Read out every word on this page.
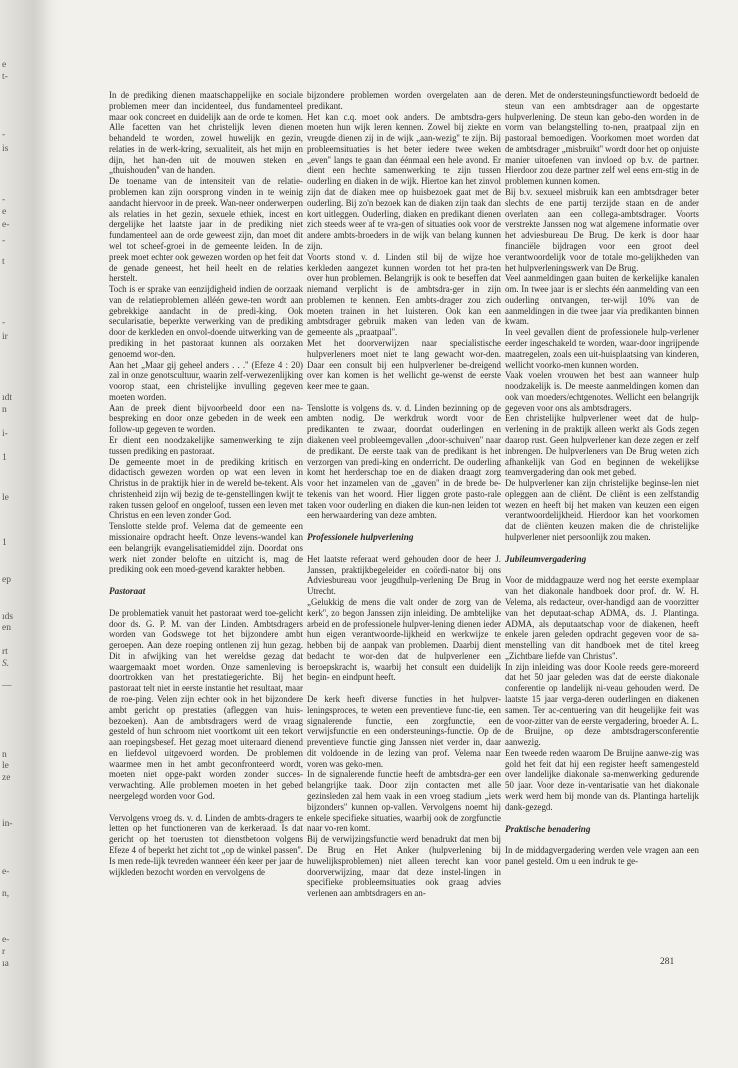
e
t-
-
is
-
e
e-
-
t
-
ir
ıdt
n
i-
1
le
1
ep
ıds
en
rt
S.
—
n
le
ze
in-
e-
n,
e-
r
ıa

In de prediking dienen maatschappelijke en sociale problemen meer dan incidenteel, dus fundamenteel maar ook concreet en duidelijk aan de orde te komen. Alle facetten van het christelijk leven dienen behandeld te worden, zowel huwelijk en gezin, relaties in de werk-kring, sexualiteit, als het mijn en dijn, het han-den uit de mouwen steken en „thuishouden'' van de handen.

De toename van de intensiteit van de relatie-problemen kan zijn oorsprong vinden in te weinig aandacht hiervoor in de preek. Wan-neer onderwerpen als relaties in het gezin, sexuele ethiek, incest en dergelijke het laatste jaar in de prediking niet fundamenteel aan de orde geweest zijn, dan moet dit wel tot scheef-groei in de gemeente leiden. In de preek moet echter ook gewezen worden op het feit dat de genade geneest, het heil heelt en de relaties herstelt.

Toch is er sprake van eenzijdigheid indien de oorzaak van de relatieproblemen alléén gewe-ten wordt aan gebrekkige aandacht in de predi-king. Ook secularisatie, beperkte verwerking van de prediking door de kerkleden en onvol-doende uitwerking van de prediking in het pastoraat kunnen als oorzaken genoemd wor-den.

Aan het „Maar gij geheel anders . . .'' (Efeze 4 : 20) zal in onze genotscultuur, waarin zelf-verwezenlijking voorop staat, een christelijke invulling gegeven moeten worden.

Aan de preek dient bijvoorbeeld door een na-bespreking en door onze gebeden in de week een follow-up gegeven te worden.

Er dient een noodzakelijke samenwerking te zijn tussen prediking en pastoraat.

De gemeente moet in de prediking kritisch en didactisch gewezen worden op wat een leven in Christus in de praktijk hier in de wereld be-tekent. Als christenheid zijn wij bezig de te-genstellingen kwijt te raken tussen geloof en ongeloof, tussen een leven met Christus en een leven zonder God.

Tenslotte stelde prof. Velema dat de gemeente een missionaire opdracht heeft. Onze levens-wandel kan een belangrijk evangelisatiemiddel zijn. Doordat ons werk niet zonder belofte en uitzicht is, mag de prediking ook een moed-gevend karakter hebben.

Pastoraat

De problematiek vanuit het pastoraat werd toe-gelicht door ds. G. P. M. van der Linden. Ambtsdragers worden van Godswege tot het bijzondere ambt geroepen. Aan deze roeping ontlenen zij hun gezag. Dit in afwijking van het wereldse gezag dat waargemaakt moet worden. Onze samenleving is doortrokken van het prestatiegerichte. Bij het pastoraat telt niet in eerste instantie het resultaat, maar de roe-ping. Velen zijn echter ook in het bijzondere ambt gericht op prestaties (afleggen van huis-bezoeken). Aan de ambtsdragers werd de vraag gesteld of hun schroom niet voortkomt uit een tekort aan roepingsbesef. Het gezag moet uiteraard dienend en liefdevol uitgevoerd worden. De problemen waarmee men in het ambt geconfronteerd wordt, moeten niet opge-pakt worden zonder succes-verwachting. Alle problemen moeten in het gebed neergelegd worden voor God.

Vervolgens vroeg ds. v. d. Linden de ambts-dragers te letten op het functioneren van de kerkeraad. Is dat gericht op het toerusten tot dienstbetoon volgens Efeze 4 of beperkt het zicht tot „op de winkel passen''. Is men rede-lijk tevreden wanneer één keer per jaar de wijkleden bezocht worden en vervolgens de

bijzondere problemen worden overgelaten aan de predikant.

Het kan c.q. moet ook anders. De ambtsdra-gers moeten hun wijk leren kennen. Zowel bij ziekte en vreugde dienen zij in de wijk „aan-wezig'' te zijn. Bij probleemsituaties is het beter iedere twee weken „even'' langs te gaan dan éénmaal een hele avond. Er dient een hechte samenwerking te zijn tussen ouderling en diaken in de wijk. Hiertoe kan het zinvol zijn dat de diaken mee op huisbezoek gaat met de ouderling. Bij zo'n bezoek kan de diaken zijn taak dan kort uitleggen. Ouderling, diaken en predikant dienen zich steeds weer af te vra-gen of situaties ook voor de andere ambts-broeders in de wijk van belang kunnen zijn.

Voorts stond v. d. Linden stil bij de wijze hoe kerkleden aangezet kunnen worden tot het pra-ten over hun problemen. Belangrijk is ook te beseffen dat niemand verplicht is de ambtsdra-ger in zijn problemen te kennen. Een ambts-drager zou zich moeten trainen in het luisteren. Ook kan een ambtsdrager gebruik maken van leden van de gemeente als „praatpaal''.

Met het doorverwijzen naar specialistische hulpverleners moet niet te lang gewacht wor-den. Daar een consult bij een hulpverlener be-dreigend over kan komen is het wellicht ge-wenst de eerste keer mee te gaan.

Tenslotte is volgens ds. v. d. Linden bezinning op de ambten nodig. De werkdruk wordt voor de predikanten te zwaar, doordat ouderlingen en diakenen veel probleemgevallen „door-schuiven'' naar de predikant. De eerste taak van de predikant is het verzorgen van predi-king en onderricht. De ouderling komt het herderschap toe en de diaken draagt zorg voor het inzamelen van de „gaven'' in de brede be-tekenis van het woord. Hier liggen grote pasto-rale taken voor ouderling en diaken die kun-nen leiden tot een herwaardering van deze ambten.

Professionele hulpverlening

Het laatste referaat werd gehouden door de heer J. Janssen, praktijkbegeleider en coördi-nator bij ons Adviesbureau voor jeugdhulp-verlening De Brug in Utrecht.

„Gelukkig de mens die valt onder de zorg van de kerk'', zo begon Janssen zijn inleiding. De ambtelijke arbeid en de professionele hulpver-lening dienen ieder hun eigen verantwoorde-lijkheid en werkwijze te hebben bij de aanpak van problemen. Daarbij dient bedacht te wor-den dat de hulpverlener een beroepskracht is, waarbij het consult een duidelijk begin- en eindpunt heeft.

De kerk heeft diverse functies in het hulpver-leningsproces, te weten een preventieve func-tie, een signalerende functie, een zorgfunctie, een verwijsfunctie en een ondersteunings-functie. Op de preventieve functie ging Janssen niet verder in, daar dit voldoende in de lezing van prof. Velema naar voren was geko-men.

In de signalerende functie heeft de ambtsdra-ger een belangrijke taak. Door zijn contacten met alle gezinsleden zal hem vaak in een vroeg stadium „iets bijzonders'' kunnen op-vallen. Vervolgens noemt hij enkele specifieke situaties, waarbij ook de zorgfunctie naar vo-ren komt.

Bij de verwijzingsfunctie werd benadrukt dat men bij De Brug en Het Anker (hulpverlening bij huwelijksproblemen) niet alleen terecht kan voor doorverwijzing, maar dat deze instel-lingen in specifieke probleemsituaties ook graag advies verlenen aan ambtsdragers en an-

deren. Met de ondersteuningsfunctiewordt bedoeld de steun van een ambtsdrager aan de opgestarte hulpverlening. De steun kan gebo-den worden in de vorm van belangstelling to-nen, praatpaal zijn en pastoraal bemoedigen. Voorkomen moet worden dat de ambtsdrager „misbruikt'' wordt door het op onjuiste manier uitoefenen van invloed op b.v. de partner. Hierdoor zou deze partner zelf wel eens ern-stig in de problemen kunnen komen.

Bij b.v. sexueel misbruik kan een ambtsdrager beter slechts de ene partij terzijde staan en de ander overlaten aan een collega-ambtsdrager. Voorts verstrekte Janssen nog wat algemene informatie over het adviesbureau De Brug. De kerk is door haar financiële bijdragen voor een groot deel verantwoordelijk voor de totale mo-gelijkheden van het hulpverleningswerk van De Brug.

Veel aanmeldingen gaan buiten de kerkelijke kanalen om. In twee jaar is er slechts één aanmelding van een ouderling ontvangen, ter-wijl 10% van de aanmeldingen in die twee jaar via predikanten binnen kwam.

In veel gevallen dient de professionele hulp-verlener eerder ingeschakeld te worden, waar-door ingrijpende maatregelen, zoals een uit-huisplaatsing van kinderen, wellicht voorko-men kunnen worden.

Vaak voelen vrouwen het best aan wanneer hulp noodzakelijk is. De meeste aanmeldingen komen dan ook van moeders/echtgenotes. Wellicht een belangrijk gegeven voor ons als ambtsdragers.

Een christelijke hulpverlener weet dat de hulp-verlening in de praktijk alleen werkt als Gods zegen daarop rust. Geen hulpverlener kan deze zegen er zelf inbrengen. De hulpverleners van De Brug weten zich afhankelijk van God en beginnen de wekelijkse teamvergadering dan ook met gebed.

De hulpverlener kan zijn christelijke beginse-len niet opleggen aan de cliënt. De cliënt is een zelfstandig wezen en heeft bij het maken van keuzen een eigen verantwoordelijkheid. Hierdoor kan het voorkomen dat de cliënten keuzen maken die de christelijke hulpverlener niet persoonlijk zou maken.

Jubileumvergadering

Voor de middagpauze werd nog het eerste exemplaar van het diakonale handboek door prof. dr. W. H. Velema, als redacteur, over-handigd aan de voorzitter van het deputaat-schap ADMA, ds. J. Plantinga. ADMA, als deputaatschap voor de diakenen, heeft enkele jaren geleden opdracht gegeven voor de sa-menstelling van dit handboek met de titel kreeg „Zichtbare liefde van Christus''.

In zijn inleiding was door Koole reeds gere-moreerd dat het 50 jaar geleden was dat de eerste diakonale conferentie op landelijk ni-veau gehouden werd. De laatste 15 jaar verga-deren ouderlingen en diakenen samen. Ter ac-centuering van dit heugelijke feit was de voor-zitter van de eerste vergadering, broeder A. L. de Bruijne, op deze ambtsdragersconferentie aanwezig.

Een tweede reden waarom De Bruijne aanwe-zig was gold het feit dat hij een register heeft samengesteld over landelijke diakonale sa-menwerking gedurende 50 jaar. Voor deze in-ventarisatie van het diakonale werk werd hem bij monde van ds. Plantinga hartelijk dank-gezegd.

Praktische benadering

In de middagvergadering werden vele vragen aan een panel gesteld. Om u een indruk te ge-

281
